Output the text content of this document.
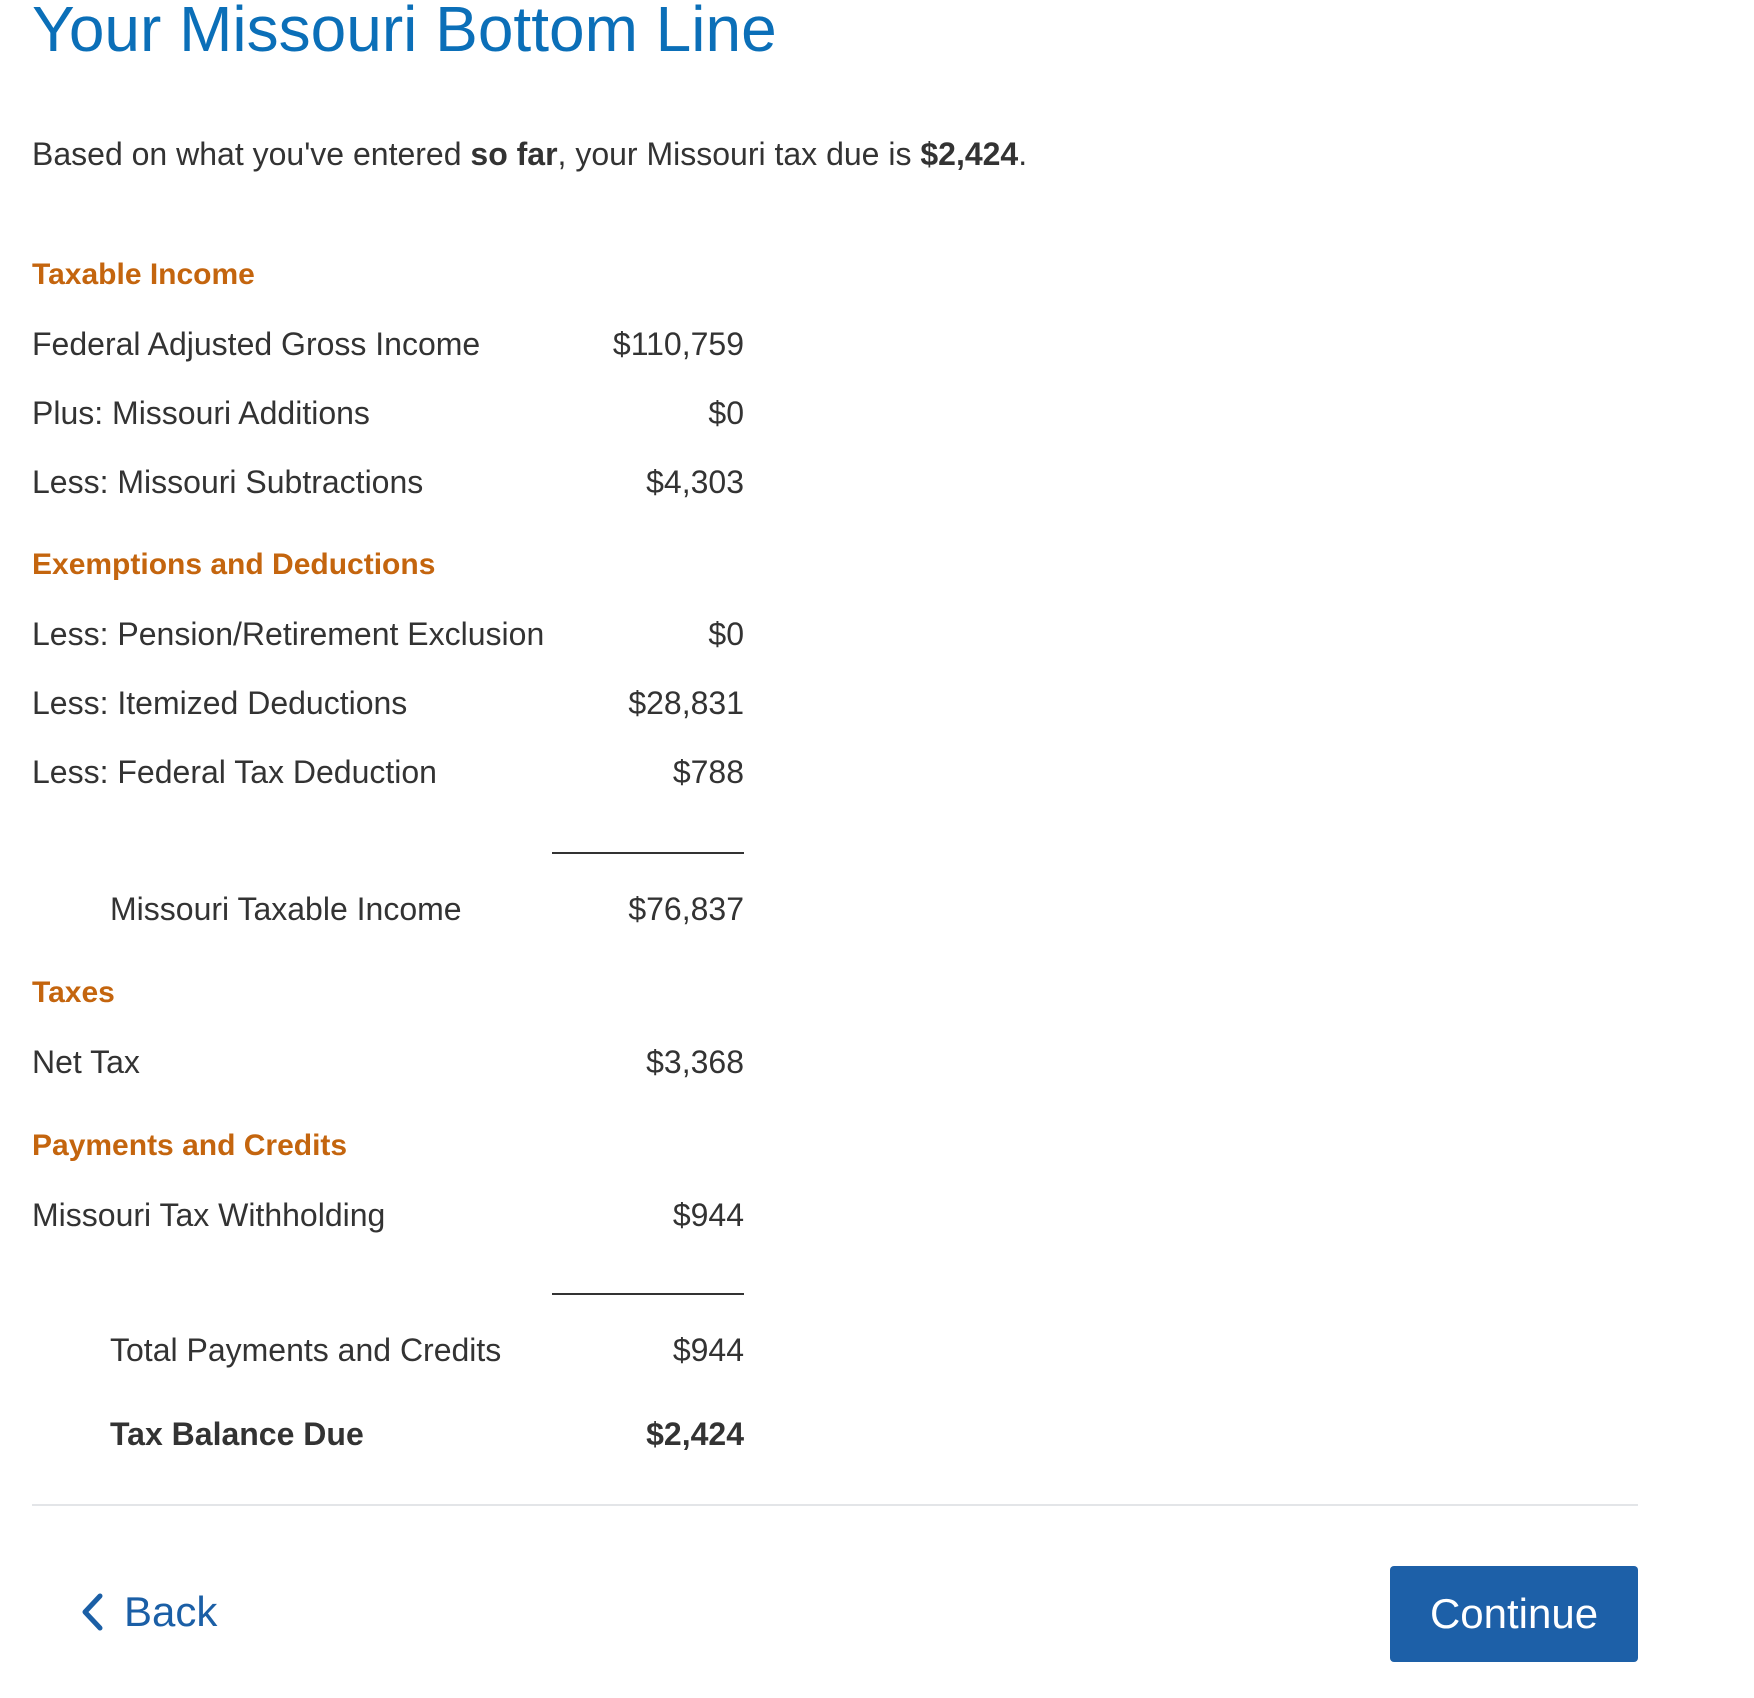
Your Missouri Bottom Line
Based on what you've entered so far, your Missouri tax due is $2,424.
Taxable Income
Federal Adjusted Gross Income	$110,759
Plus: Missouri Additions	$0
Less: Missouri Subtractions	$4,303
Exemptions and Deductions
Less: Pension/Retirement Exclusion	$0
Less: Itemized Deductions	$28,831
Less: Federal Tax Deduction	$788
Missouri Taxable Income	$76,837
Taxes
Net Tax	$3,368
Payments and Credits
Missouri Tax Withholding	$944
Total Payments and Credits	$944
Tax Balance Due	$2,424
Back	Continue
